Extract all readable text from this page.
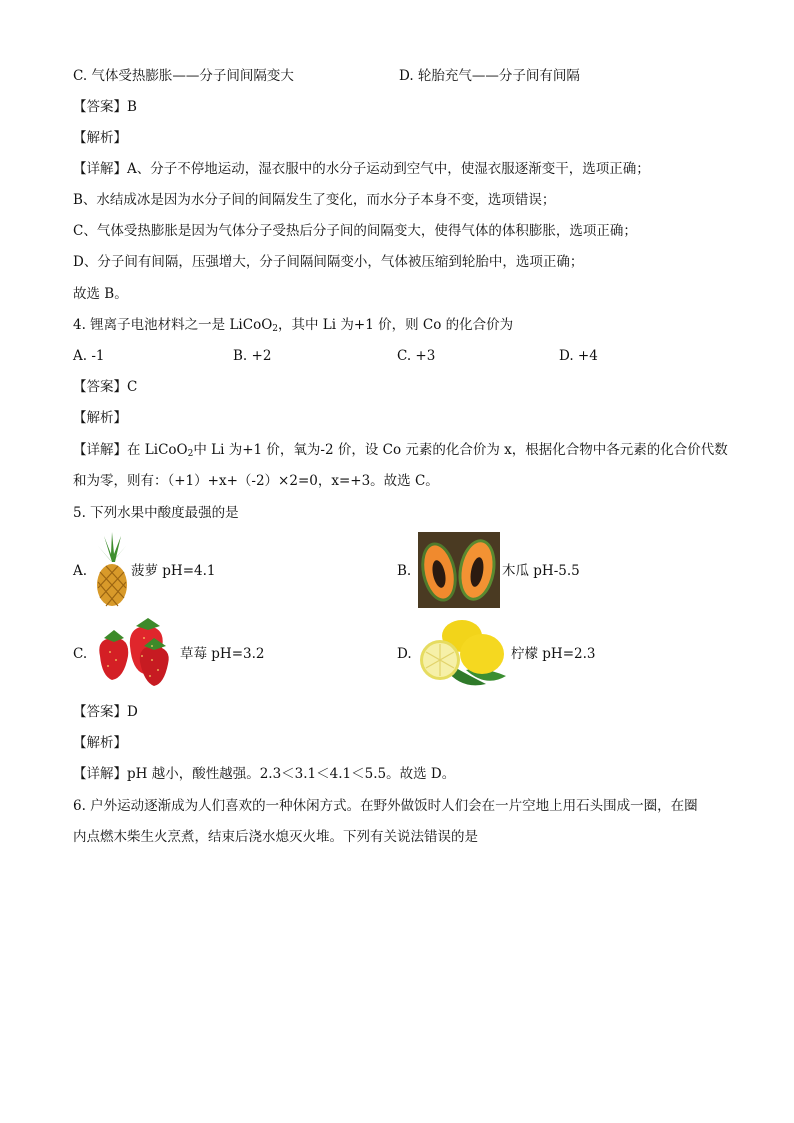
C. 气体受热膨胀——分子间间隔变大	D. 轮胎充气——分子间有间隔
【答案】B
【解析】
【详解】A、分子不停地运动，湿衣服中的水分子运动到空气中，使湿衣服逐渐变干，选项正确；
B、水结成冰是因为水分子间的间隔发生了变化，而水分子本身不变，选项错误；
C、气体受热膨胀是因为气体分子受热后分子间的间隔变大，使得气体的体积膨胀，选项正确；
D、分子间有间隔，压强增大，分子间隔间隔变小，气体被压缩到轮胎中，选项正确；
故选 B。
4. 锂离子电池材料之一是 LiCoO$_2$，其中 Li 为+1 价，则 Co 的化合价为
A. -1	B. +2	C. +3	D. +4
【答案】C
【解析】
【详解】在 LiCoO$_2$中 Li 为+1 价，氧为-2 价，设 Co 元素的化合价为 x，根据化合物中各元素的化合价代数
和为零，则有：（+1）+x+（-2）×2=0，x=+3。故选 C。
5. 下列水果中酸度最强的是
A.	菠萝 pH=4.1	B.	木瓜 pH-5.5
C.	草莓 pH=3.2	D.	柠檬 pH=2.3
【答案】D
【解析】
【详解】pH 越小，酸性越强。2.3＜3.1＜4.1＜5.5。故选 D。
6. 户外运动逐渐成为人们喜欢的一种休闲方式。在野外做饭时人们会在一片空地上用石头围成一圈，在圈
内点燃木柴生火烹煮，结束后浇水熄灭火堆。下列有关说法错误的是
